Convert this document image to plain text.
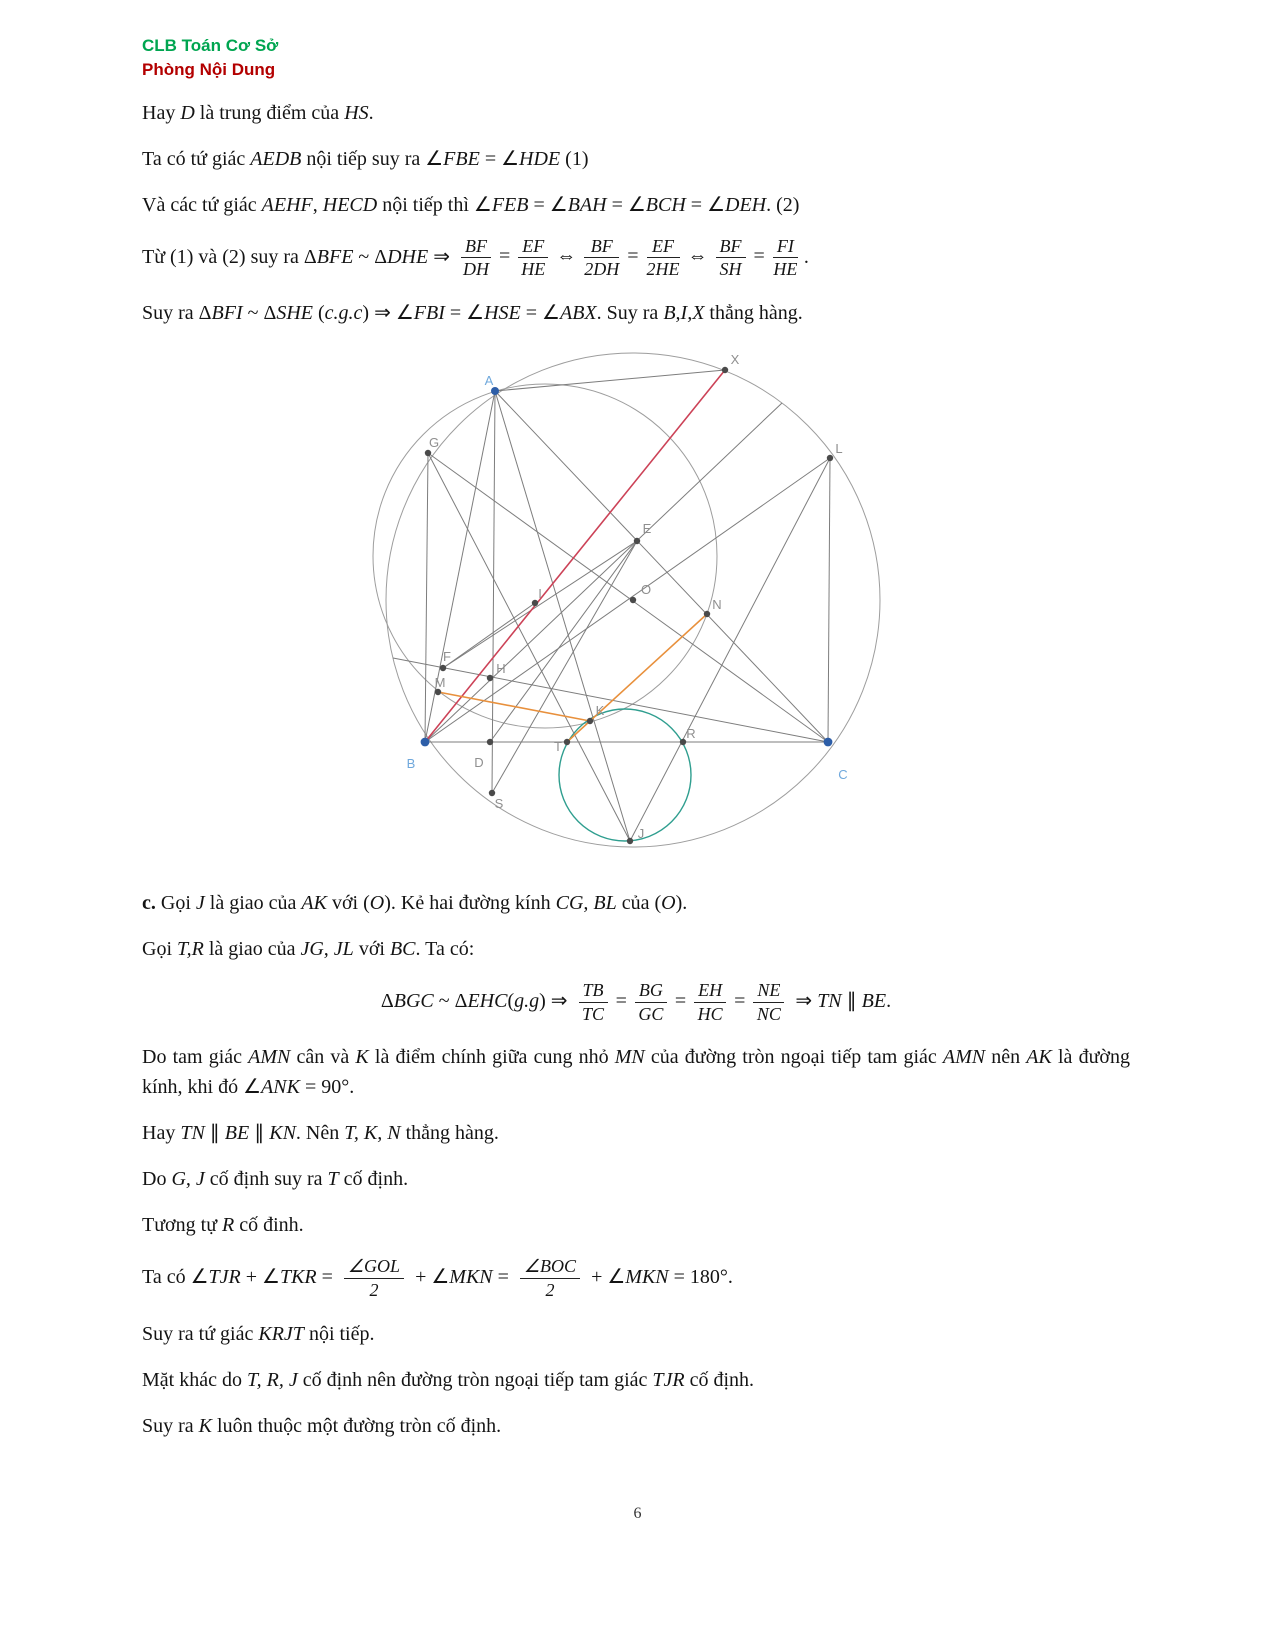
CLB Toán Cơ Sở
Phòng Nội Dung

Hay D là trung điểm của HS.

Ta có tứ giác AEDB nội tiếp suy ra ∠FBE = ∠HDE (1)

Và các tứ giác AEHF, HECD nội tiếp thì ∠FEB = ∠BAH = ∠BCH = ∠DEH. (2)

Từ (1) và (2) suy ra ΔBFE ~ ΔDHE ⇒ $\frac{BF}{DH} = \frac{EF}{HE}$ ⇔ $\frac{BF}{2DH} = \frac{EF}{2HE}$ ⇔ $\frac{BF}{SH} = \frac{FI}{HE}$ .

Suy ra ΔBFI ~ ΔSHE (c.g.c) ⇒ ∠FBI = ∠HSE = ∠ABX. Suy ra B,I,X thẳng hàng.

D
E
F
G
H
I
J
K
L
M
N
O
R
S
T
X
A
B
C

c. Gọi J là giao của AK với (O). Kẻ hai đường kính CG, BL của (O).

Gọi T,R là giao của JG, JL với BC. Ta có:

ΔBGC ~ ΔEHC(g.g) ⇒ $\frac{TB}{TC} = \frac{BG}{GC} = \frac{EH}{HC} = \frac{NE}{NC}$ ⇒ TN ∥ BE.

Do tam giác AMN cân và K là điểm chính giữa cung nhỏ MN của đường tròn ngoại tiếp tam giác AMN nên AK là đường kính, khi đó ∠ANK = 90°.

Hay TN ∥ BE ∥ KN. Nên T, K, N thẳng hàng.

Do G, J cố định suy ra T cố định.

Tương tự R cố đinh.

Ta có ∠TJR + ∠TKR = $\frac{\text{∠GOL}}{2}$ + ∠MKN = $\frac{\text{∠BOC}}{2}$ + ∠MKN = 180°.

Suy ra tứ giác KRJT nội tiếp.

Mặt khác do T, R, J cố định nên đường tròn ngoại tiếp tam giác TJR cố định.

Suy ra K luôn thuộc một đường tròn cố định.

6
